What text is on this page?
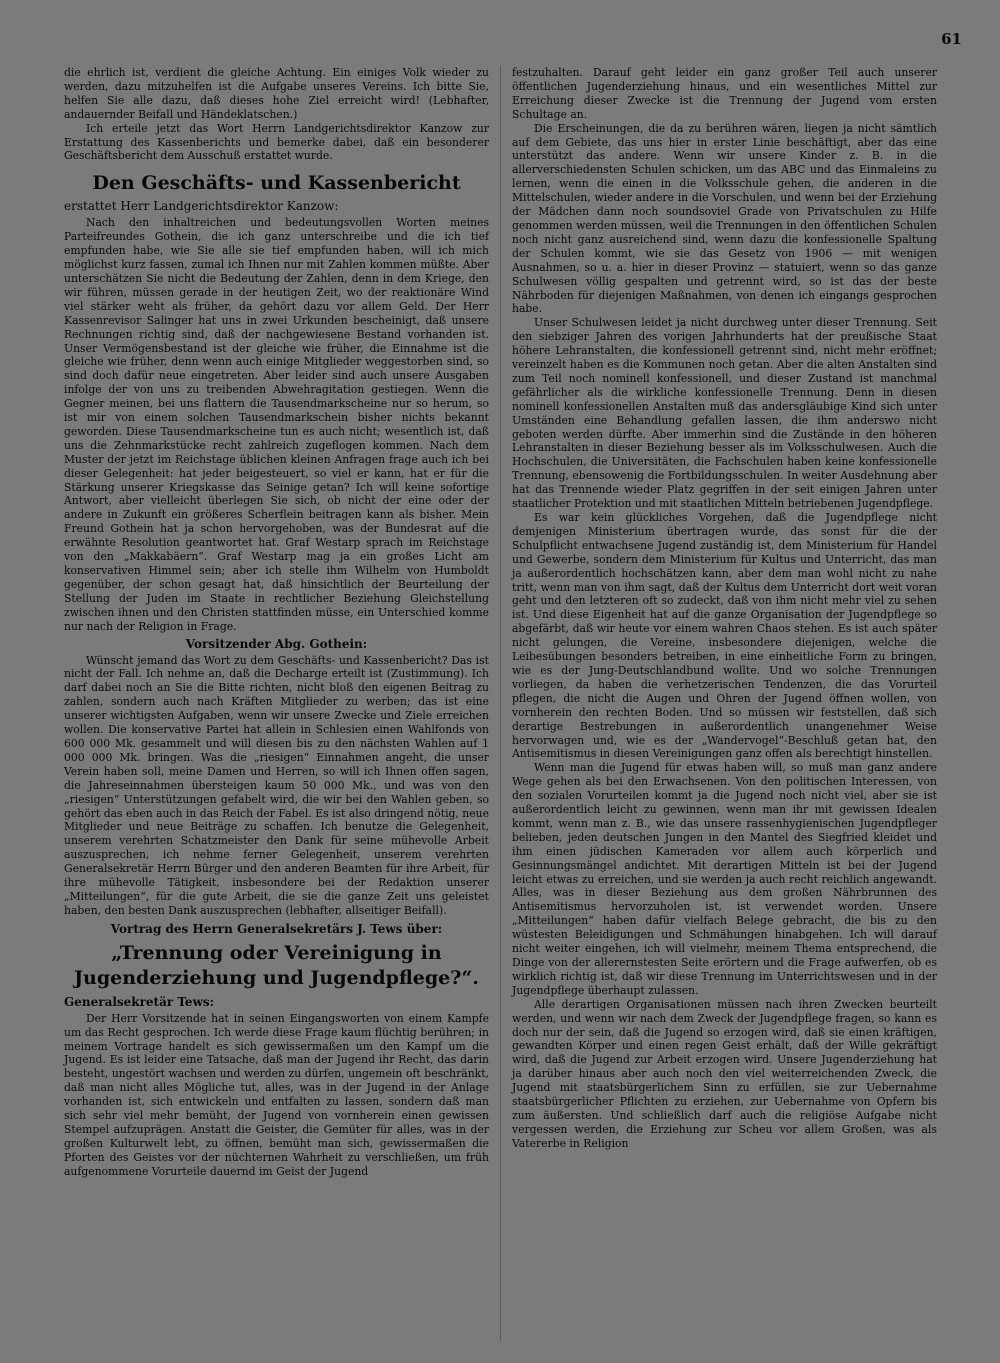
61

die ehrlich ist, verdient die gleiche Achtung. Ein einiges Volk wieder zu werden, dazu mitzuhelfen ist die Aufgabe unseres Vereins. Ich bitte Sie, helfen Sie alle dazu, daß dieses hohe Ziel erreicht wird! (Lebhafter, andauernder Beifall und Händeklatschen.)

Ich erteile jetzt das Wort Herrn Landgerichtsdirektor Kanzow zur Erstattung des Kassenberichts und bemerke dabei, daß ein besonderer Geschäftsbericht dem Ausschuß erstattet wurde.

Den Geschäfts- und Kassenbericht
erstattet Herr Landgerichtsdirektor Kanzow:

Nach den inhaltreichen und bedeutungsvollen Worten meines Parteifreundes Gothein, die ich ganz unterschreibe und die ich tief empfunden habe, wie Sie alle sie tief empfunden haben, will ich mich möglichst kurz fassen, zumal ich Ihnen nur mit Zahlen kommen müßte. Aber unterschätzen Sie nicht die Bedeutung der Zahlen, denn in dem Kriege, den wir führen, müssen gerade in der heutigen Zeit, wo der reaktionäre Wind viel stärker weht als früher, da gehört dazu vor allem Geld. Der Herr Kassenrevisor Salinger hat uns in zwei Urkunden bescheinigt, daß unsere Rechnungen richtig sind, daß der nachgewiesene Bestand vorhanden ist. Unser Vermögensbestand ist der gleiche wie früher, die Einnahme ist die gleiche wie früher, denn wenn auch einige Mitglieder weggestorben sind, so sind doch dafür neue eingetreten. Aber leider sind auch unsere Ausgaben infolge der von uns zu treibenden Abwehragitation gestiegen. Wenn die Gegner meinen, bei uns flattern die Tausendmarkscheine nur so herum, so ist mir von einem solchen Tausendmarkschein bisher nichts bekannt geworden. Diese Tausendmarkscheine tun es auch nicht; wesentlich ist, daß uns die Zehnmarkstücke recht zahlreich zugeflogen kommen. Nach dem Muster der jetzt im Reichstage üblichen kleinen Anfragen frage auch ich bei dieser Gelegenheit: hat jeder beigesteuert, so viel er kann, hat er für die Stärkung unserer Kriegskasse das Seinige getan? Ich will keine sofortige Antwort, aber vielleicht überlegen Sie sich, ob nicht der eine oder der andere in Zukunft ein größeres Scherflein beitragen kann als bisher. Mein Freund Gothein hat ja schon hervorgehoben, was der Bundesrat auf die erwähnte Resolution geantwortet hat. Graf Westarp sprach im Reichstage von den „Makkabäern“. Graf Westarp mag ja ein großes Licht am konservativen Himmel sein; aber ich stelle ihm Wilhelm von Humboldt gegenüber, der schon gesagt hat, daß hinsichtlich der Beurteilung der Stellung der Juden im Staate in rechtlicher Beziehung Gleichstellung zwischen ihnen und den Christen stattfinden müsse, ein Unterschied komme nur nach der Religion in Frage.

Vorsitzender Abg. Gothein:

Wünscht jemand das Wort zu dem Geschäfts- und Kassenbericht? Das ist nicht der Fall. Ich nehme an, daß die Decharge erteilt ist (Zustimmung). Ich darf dabei noch an Sie die Bitte richten, nicht bloß den eigenen Beitrag zu zahlen, sondern auch nach Kräften Mitglieder zu werben; das ist eine unserer wichtigsten Aufgaben, wenn wir unsere Zwecke und Ziele erreichen wollen. Die konservative Partei hat allein in Schlesien einen Wahlfonds von 600 000 Mk. gesammelt und will diesen bis zu den nächsten Wahlen auf 1 000 000 Mk. bringen. Was die „riesigen“ Einnahmen angeht, die unser Verein haben soll, meine Damen und Herren, so will ich Ihnen offen sagen, die Jahreseinnahmen übersteigen kaum 50 000 Mk., und was von den „riesigen“ Unterstützungen gefabelt wird, die wir bei den Wahlen geben, so gehört das eben auch in das Reich der Fabel. Es ist also dringend nötig, neue Mitglieder und neue Beiträge zu schaffen. Ich benutze die Gelegenheit, unserem verehrten Schatzmeister den Dank für seine mühevolle Arbeit auszusprechen, ich nehme ferner Gelegenheit, unserem verehrten Generalsekretär Herrn Bürger und den anderen Beamten für ihre Arbeit, für ihre mühevolle Tätigkeit, insbesondere bei der Redaktion unserer „Mitteilungen“, für die gute Arbeit, die sie die ganze Zeit uns geleistet haben, den besten Dank auszusprechen (lebhafter, allseitiger Beifall).

Vortrag des Herrn Generalsekretärs J. Tews über:
„Trennung oder Vereinigung in Jugenderziehung und Jugendpflege?“.
Generalsekretär Tews:

Der Herr Vorsitzende hat in seinen Eingangsworten von einem Kampfe um das Recht gesprochen. Ich werde diese Frage kaum flüchtig berühren; in meinem Vortrage handelt es sich gewissermaßen um den Kampf um die Jugend. Es ist leider eine Tatsache, daß man der Jugend ihr Recht, das darin besteht, ungestört wachsen und werden zu dürfen, ungemein oft beschränkt, daß man nicht alles Mögliche tut, alles, was in der Jugend in der Anlage vorhanden ist, sich entwickeln und entfalten zu lassen, sondern daß man sich sehr viel mehr bemüht, der Jugend von vornherein einen gewissen Stempel aufzuprägen. Anstatt die Geister, die Gemüter für alles, was in der großen Kulturwelt lebt, zu öffnen, bemüht man sich, gewissermaßen die Pforten des Geistes vor der nüchternen Wahrheit zu verschließen, um früh aufgenommene Vorurteile dauernd im Geist der Jugend

festzuhalten. Darauf geht leider ein ganz großer Teil auch unserer öffentlichen Jugenderziehung hinaus, und ein wesentliches Mittel zur Erreichung dieser Zwecke ist die Trennung der Jugend vom ersten Schultage an.

Die Erscheinungen, die da zu berühren wären, liegen ja nicht sämtlich auf dem Gebiete, das uns hier in erster Linie beschäftigt, aber das eine unterstützt das andere. Wenn wir unsere Kinder z. B. in die allerverschiedensten Schulen schicken, um das ABC und das Einmaleins zu lernen, wenn die einen in die Volksschule gehen, die anderen in die Mittelschulen, wieder andere in die Vorschulen, und wenn bei der Erziehung der Mädchen dann noch soundsoviel Grade von Privatschulen zu Hilfe genommen werden müssen, weil die Trennungen in den öffentlichen Schulen noch nicht ganz ausreichend sind, wenn dazu die konfessionelle Spaltung der Schulen kommt, wie sie das Gesetz von 1906 — mit wenigen Ausnahmen, so u. a. hier in dieser Provinz — statuiert, wenn so das ganze Schulwesen völlig gespalten und getrennt wird, so ist das der beste Nährboden für diejenigen Maßnahmen, von denen ich eingangs gesprochen habe.

Unser Schulwesen leidet ja nicht durchweg unter dieser Trennung. Seit den siebziger Jahren des vorigen Jahrhunderts hat der preußische Staat höhere Lehranstalten, die konfessionell getrennt sind, nicht mehr eröffnet; vereinzelt haben es die Kommunen noch getan. Aber die alten Anstalten sind zum Teil noch nominell konfessionell, und dieser Zustand ist manchmal gefährlicher als die wirkliche konfessionelle Trennung. Denn in diesen nominell konfessionellen Anstalten muß das andersgläubige Kind sich unter Umständen eine Behandlung gefallen lassen, die ihm anderswo nicht geboten werden dürfte. Aber immerhin sind die Zustände in den höheren Lehranstalten in dieser Beziehung besser als im Volksschulwesen. Auch die Hochschulen, die Universitäten, die Fachschulen haben keine konfessionelle Trennung, ebensowenig die Fortbildungsschulen. In weiter Ausdehnung aber hat das Trennende wieder Platz gegriffen in der seit einigen Jahren unter staatlicher Protektion und mit staatlichen Mitteln betriebenen Jugendpflege.

Es war kein glückliches Vorgehen, daß die Jugendpflege nicht demjenigen Ministerium übertragen wurde, das sonst für die der Schulpflicht entwachsene Jugend zuständig ist, dem Ministerium für Handel und Gewerbe, sondern dem Ministerium für Kultus und Unterricht, das man ja außerordentlich hochschätzen kann, aber dem man wohl nicht zu nahe tritt, wenn man von ihm sagt, daß der Kultus dem Unterricht dort weit voran geht und den letzteren oft so zudeckt, daß von ihm nicht mehr viel zu sehen ist. Und diese Eigenheit hat auf die ganze Organisation der Jugendpflege so abgefärbt, daß wir heute vor einem wahren Chaos stehen. Es ist auch später nicht gelungen, die Vereine, insbesondere diejenigen, welche die Leibesübungen besonders betreiben, in eine einheitliche Form zu bringen, wie es der Jung-Deutschlandbund wollte. Und wo solche Trennungen vorliegen, da haben die verhetzerischen Tendenzen, die das Vorurteil pflegen, die nicht die Augen und Ohren der Jugend öffnen wollen, von vornherein den rechten Boden. Und so müssen wir feststellen, daß sich derartige Bestrebungen in außerordentlich unangenehmer Weise hervorwagen und, wie es der „Wandervogel“-Beschluß getan hat, den Antisemitismus in diesen Vereinigungen ganz offen als berechtigt hinstellen.

Wenn man die Jugend für etwas haben will, so muß man ganz andere Wege gehen als bei den Erwachsenen. Von den politischen Interessen, von den sozialen Vorurteilen kommt ja die Jugend noch nicht viel, aber sie ist außerordentlich leicht zu gewinnen, wenn man ihr mit gewissen Idealen kommt, wenn man z. B., wie das unsere rassenhygienischen Jugendpfleger belieben, jeden deutschen Jungen in den Mantel des Siegfried kleidet und ihm einen jüdischen Kameraden vor allem auch körperlich und Gesinnungsmängel andichtet. Mit derartigen Mitteln ist bei der Jugend leicht etwas zu erreichen, und sie werden ja auch recht reichlich angewandt. Alles, was in dieser Beziehung aus dem großen Nährbrunnen des Antisemitismus hervorzuholen ist, ist verwendet worden. Unsere „Mitteilungen“ haben dafür vielfach Belege gebracht, die bis zu den wüstesten Beleidigungen und Schmähungen hinabgehen. Ich will darauf nicht weiter eingehen, ich will vielmehr, meinem Thema entsprechend, die Dinge von der allerernstesten Seite erörtern und die Frage aufwerfen, ob es wirklich richtig ist, daß wir diese Trennung im Unterrichtswesen und in der Jugendpflege überhaupt zulassen.

Alle derartigen Organisationen müssen nach ihren Zwecken beurteilt werden, und wenn wir nach dem Zweck der Jugendpflege fragen, so kann es doch nur der sein, daß die Jugend so erzogen wird, daß sie einen kräftigen, gewandten Körper und einen regen Geist erhält, daß der Wille gekräftigt wird, daß die Jugend zur Arbeit erzogen wird. Unsere Jugenderziehung hat ja darüber hinaus aber auch noch den viel weiterreichenden Zweck, die Jugend mit staatsbürgerlichem Sinn zu erfüllen, sie zur Uebernahme staatsbürgerlicher Pflichten zu erziehen, zur Uebernahme von Opfern bis zum äußersten. Und schließlich darf auch die religiöse Aufgabe nicht vergessen werden, die Erziehung zur Scheu vor allem Großen, was als Vatererbe in Religion
